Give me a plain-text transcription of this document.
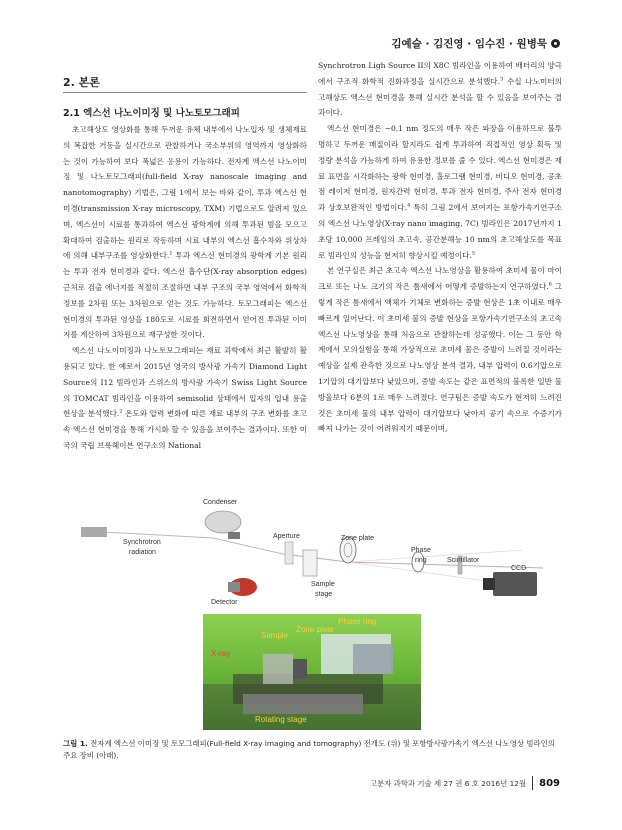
김예슬 · 김진영 · 임수진 · 원병묵
2. 본론
2.1 엑스선 나노이미징 및 나노토모그래피

초고해상도 영상화를 통해 두꺼운 유체 내부에서 나노입자 및 생체재료의 복잡한 거동을 실시간으로 관찰하거나 국소부위의 영역까지 영상화하는 것이 가능하여 보다 폭넓은 응용이 가능하다. 전자계 엑스선 나노이미징 및 나노토모그래피(full-field X-ray nanoscale imaging and nanotomography) 기법은, 그림 1에서 보는 바와 같이, 투과 엑스선 현미경(transmission X-ray microscopy, TXM) 기법으로도 알려져 있으며, 엑스선이 시료를 통과하여 엑스선 광학계에 의해 투과된 빔을 모으고 확대하여 검출하는 원리로 작동하며 시료 내부의 엑스선 흡수차와 위상차에 의해 내부구조를 영상화한다.$^1$ 투과 엑스선 현미경의 광학계 기본 원리는 투과 전자 현미경과 같다. 엑스선 흡수단(X-ray absorption edges) 근처로 검출 에너지를 적절히 조절하면 내부 구조의 국부 영역에서 화학적 정보를 2차원 또는 3차원으로 얻는 것도 가능하다. 토모그래피는 엑스선 현미경의 투과된 영상을 180도로 시료를 회전하면서 얻어진 투과된 이미지를 계산하여 3차원으로 재구성한 것이다.

엑스선 나노이미징과 나노토모그래피는 재료 과학에서 최근 활발히 활용되고 있다. 한 예로서 2015년 영국의 방사광 가속기 Diamond Light Source의 I12 빔라인과 스위스의 방사광 가속기 Swiss Light Source의 TOMCAT 빔라인을 이용하여 semisolid 상태에서 입자의 입내 용출현상을 분석했다.$^2$ 온도와 압력 변화에 따른 재료 내부의 구조 변화를 초고속 엑스선 현미경을 통해 가시화 할 수 있음을 보여주는 결과이다. 또한 미국의 국립 브룩헤이븐 연구소의 National

Synchrotron Ligh Source II의 X8C 빔라인을 이용하여 배터리의 양극에서 구조적 화학적 진화과정을 실시간으로 분석했다.$^3$ 수십 나노미터의 고해상도 엑스선 현미경을 통해 실시간 분석을 할 수 있음을 보여주는 결과이다.

엑스선 현미경은 ~0.1 nm 정도의 매우 작은 파장을 이용하므로 불투명하고 두꺼운 매질이라 할지라도 쉽게 투과하여 직접적인 영상 획득 및 정량 분석을 가능하게 하여 유용한 정보를 줄 수 있다. 엑스선 현미경은 재료 표면을 시각화하는 광학 현미경, 홀로그램 현미경, 비디오 현미경, 공초점 레이저 현미경, 원자간력 현미경, 투과 전자 현미경, 주사 전자 현미경과 상호보완적인 방법이다.$^4$ 특히 그림 2에서 보여지는 포항가속기연구소의 엑스선 나노영상(X-ray nano imaging, 7C) 빔라인은 2017년까지 1초당 10,000 프레임의 초고속, 공간분해능 10 nm의 초고해상도를 목표로 빔라인의 성능을 현저히 향상시킬 예정이다.$^5$

본 연구실은 최근 초고속 엑스선 나노영상을 활용하여 초미세 물이 마이크로 또는 나노 크기의 작은 틈새에서 어떻게 증발하는지 연구하였다.$^6$ 그렇게 작은 틈새에서 액체가 기체로 변화하는 증발 현상은 1초 이내로 매우 빠르게 일어난다. 이 초미세 물의 증발 현상을 포항가속기연구소의 초고속 엑스선 나노영상을 통해 처음으로 관찰하는데 성공했다. 이는 그 동안 학계에서 모의실험을 통해 가상적으로 초미세 물은 증발이 느려질 것이라는 예상을 실제 관측한 것으로 나노영상 분석 결과, 내부 압력이 0.6기압으로 1기압의 대기압보다 낮았으며, 증발 속도는 같은 표면적의 불록한 일반 물방울보다 6분의 1로 매우 느려졌다. 연구팀은 증발 속도가 현저히 느려진 것은 초미세 물의 내부 압력이 대기압보다 낮아져 공기 속으로 수증기가 빠져 나가는 것이 어려워지기 때문이며,

Synchrotron
radiation
Condenser
Aperture	Zone plate
Phase
ring	Scintillator
CCD
Sample
stage
Detector
X-ray
Sample
Zone plate
Phase ring
Rotating stage
그림 1. 전자계 엑스선 이미징 및 토모그래피(Full-field X-ray imaging and tomography) 전개도 (위) 및 포항방사광가속기 엑스선 나노영상 빔라인의 주요 장비 (아래).
고분자 과학과 기술 제 27 권 6 호 2016년 12월 809
